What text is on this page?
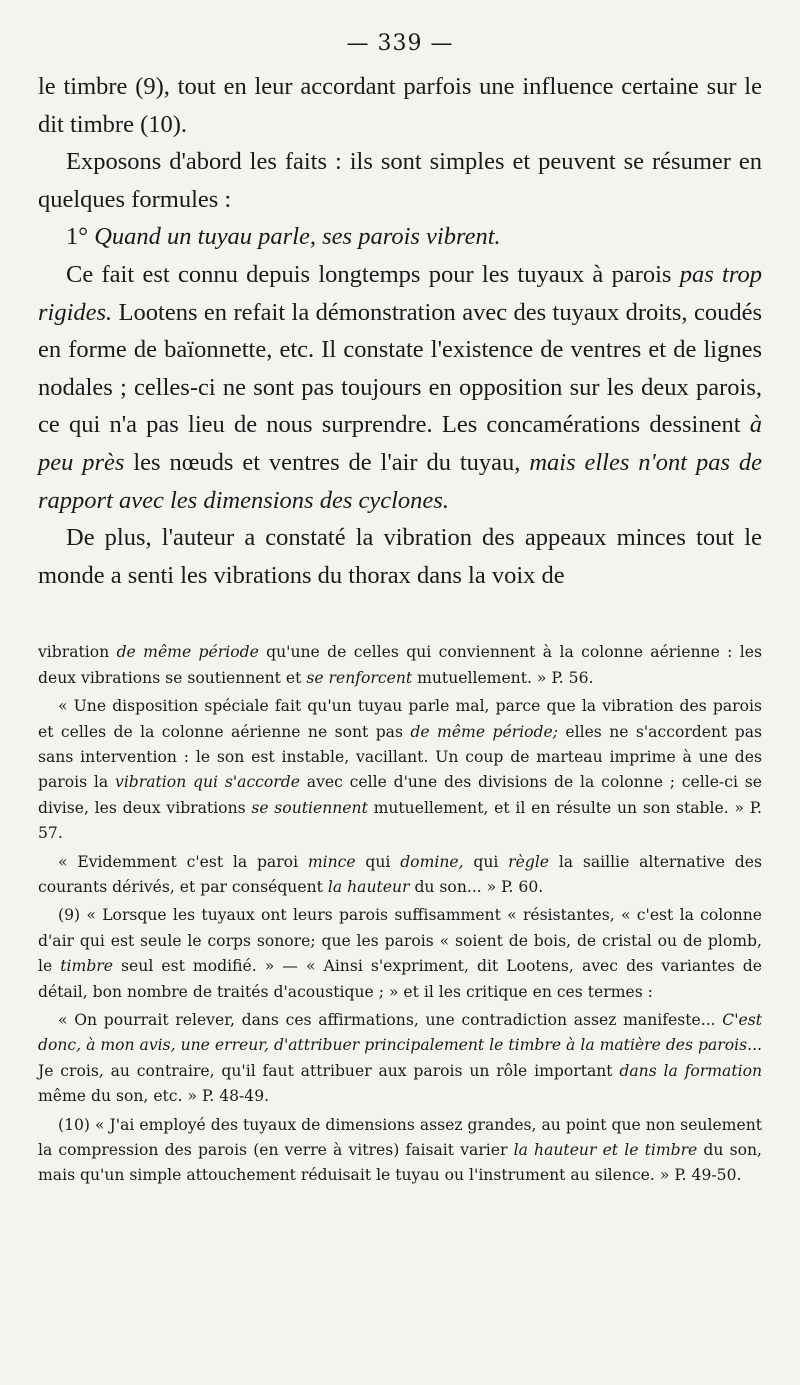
— 339 —

le timbre (9), tout en leur accordant parfois une influence certaine sur le dit timbre (10).

Exposons d'abord les faits : ils sont simples et peuvent se résumer en quelques formules :

1° Quand un tuyau parle, ses parois vibrent.

Ce fait est connu depuis longtemps pour les tuyaux à parois pas trop rigides. Lootens en refait la démonstration avec des tuyaux droits, coudés en forme de baïonnette, etc. Il constate l'existence de ventres et de lignes nodales ; celles-ci ne sont pas toujours en opposition sur les deux parois, ce qui n'a pas lieu de nous surprendre. Les concamérations dessinent à peu près les nœuds et ventres de l'air du tuyau, mais elles n'ont pas de rapport avec les dimensions des cyclones.

De plus, l'auteur a constaté la vibration des appeaux minces tout le monde a senti les vibrations du thorax dans la voix de

vibration de même période qu'une de celles qui conviennent à la colonne aérienne : les deux vibrations se soutiennent et se renforcent mutuellement. » P. 56.

« Une disposition spéciale fait qu'un tuyau parle mal, parce que la vibration des parois et celles de la colonne aérienne ne sont pas de même période; elles ne s'accordent pas sans intervention : le son est instable, vacillant. Un coup de marteau imprime à une des parois la vibration qui s'accorde avec celle d'une des divisions de la colonne ; celle-ci se divise, les deux vibrations se soutiennent mutuellement, et il en résulte un son stable. » P. 57.

« Evidemment c'est la paroi mince qui domine, qui règle la saillie alternative des courants dérivés, et par conséquent la hauteur du son... » P. 60.

(9) « Lorsque les tuyaux ont leurs parois suffisamment « résistantes, « c'est la colonne d'air qui est seule le corps sonore; que les parois « soient de bois, de cristal ou de plomb, le timbre seul est modifié. » — « Ainsi s'expriment, dit Lootens, avec des variantes de détail, bon nombre de traités d'acoustique ; » et il les critique en ces termes :

« On pourrait relever, dans ces affirmations, une contradiction assez manifeste... C'est donc, à mon avis, une erreur, d'attribuer principalement le timbre à la matière des parois... Je crois, au contraire, qu'il faut attribuer aux parois un rôle important dans la formation même du son, etc. » P. 48-49.

(10) « J'ai employé des tuyaux de dimensions assez grandes, au point que non seulement la compression des parois (en verre à vitres) faisait varier la hauteur et le timbre du son, mais qu'un simple attouchement réduisait le tuyau ou l'instrument au silence. » P. 49-50.
